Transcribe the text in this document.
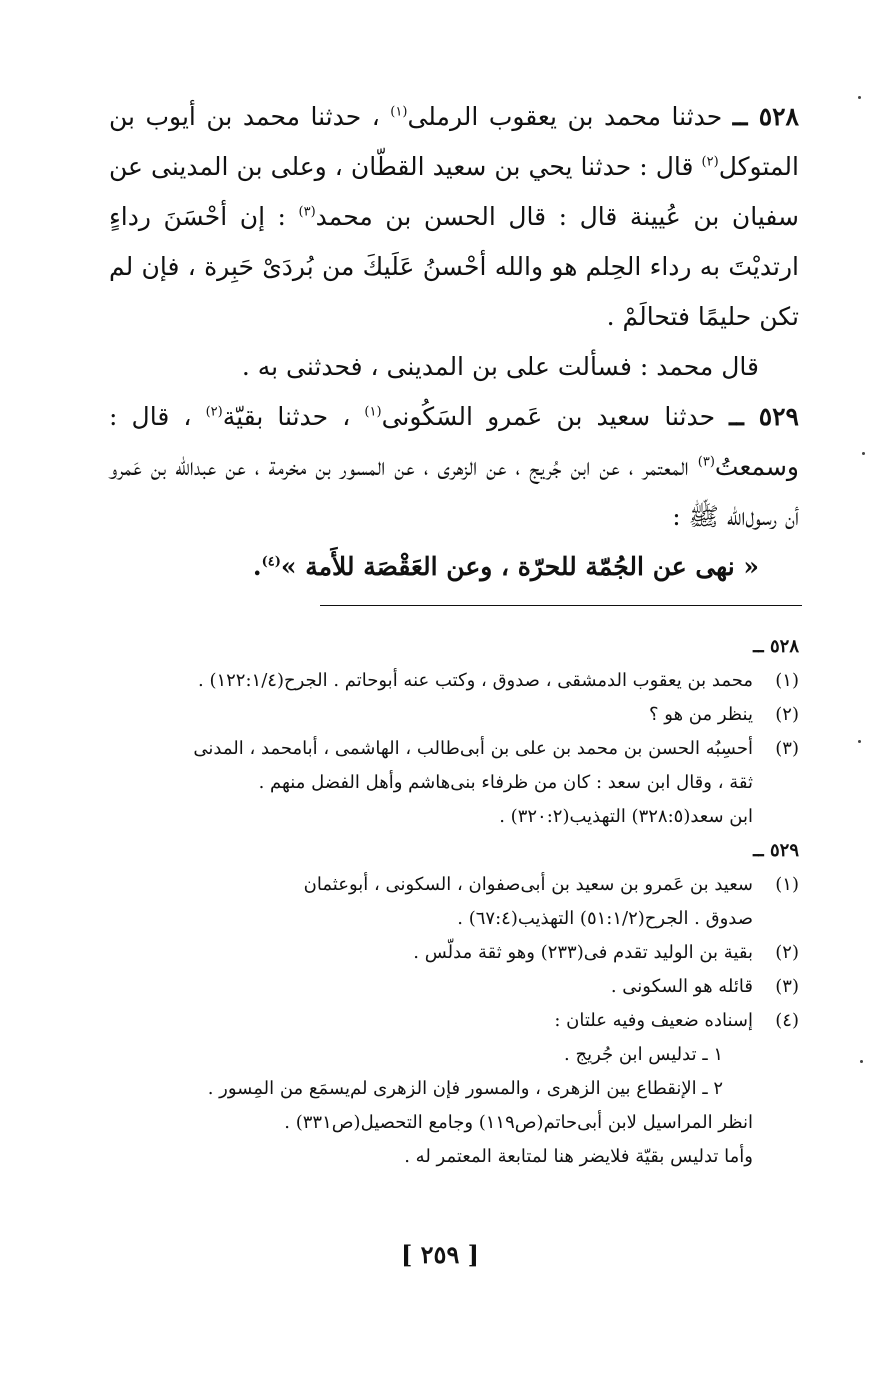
٥٢٨ ــ حدثنا محمد بن يعقوب الرملى$^{(١)}$ ، حدثنا محمد بن أيوب بن المتوكل$^{(٢)}$ قال : حدثنا يحي بن سعيد القطّان ، وعلى بن المدينى عن سفيان بن عُيينة قال : قال الحسن بن محمد$^{(٣)}$ : إن أحْسَنَ رداءٍ ارتديْتَ به رداء الحِلم هو والله أحْسنُ عَلَيكَ من بُردَىْ حَبِرة ، فإن لم تكن حليمًا فتحالَمْ .

قال محمد : فسألت على بن المدينى ، فحدثنى به .

٥٢٩ ــ حدثنا سعيد بن عَمرو السَكُونى$^{(١)}$ ، حدثنا بقيّة$^{(٢)}$ ، قال : وسمعتُ$^{(٣)}$ المعتمر ، عن ابن جُريج ، عن الزهرى ، عن المسور بن مخرمة ، عن عبدالله بن عَمرو أن رسول‌الله ﷺ :

« نهى عن الجُمّة للحرّة ، وعن العَقْصَة للأَمة »$^{(٤)}$.

٥٢٨ ــ

(١)
محمد بن يعقوب الدمشقى ، صدوق ، وكتب عنه أبوحاتم . الجرح(١٢٢:١/٤) .
(٢)
ينظر من هو ؟
(٣)
أحسِبُه الحسن بن محمد بن على بن أبى‌طالب ، الهاشمى ، أبامحمد ، المدنى

ثقة ، وقال ابن سعد : كان من ظرفاء بنى‌هاشم وأهل الفضل منهم .

ابن سعد(٣٢٨:٥) التهذيب(٣٢٠:٢) .

٥٢٩ ــ

(١)
سعيد بن عَمرو بن سعيد بن أبى‌صفوان ، السكونى ، أبوعثمان

صدوق . الجرح(٥١:١/٢) التهذيب(٦٧:٤) .

(٢)
بقية بن الوليد تقدم فى(٢٣٣) وهو ثقة مدلّس .
(٣)
قائله هو السكونى .
(٤)
إسناده ضعيف وفيه علتان :

١ ـ تدليس ابن جُريج .

٢ ـ الإنقطاع بين الزهرى ، والمسور فإن الزهرى لم‌يسمَع من المِسور .

انظر المراسيل لابن أبى‌حاتم(ص١١٩) وجامع التحصيل(ص٣٣١) .

وأما تدليس بقيّة فلايضر هنا لمتابعة المعتمر له .

[ ٢٥٩ ]
